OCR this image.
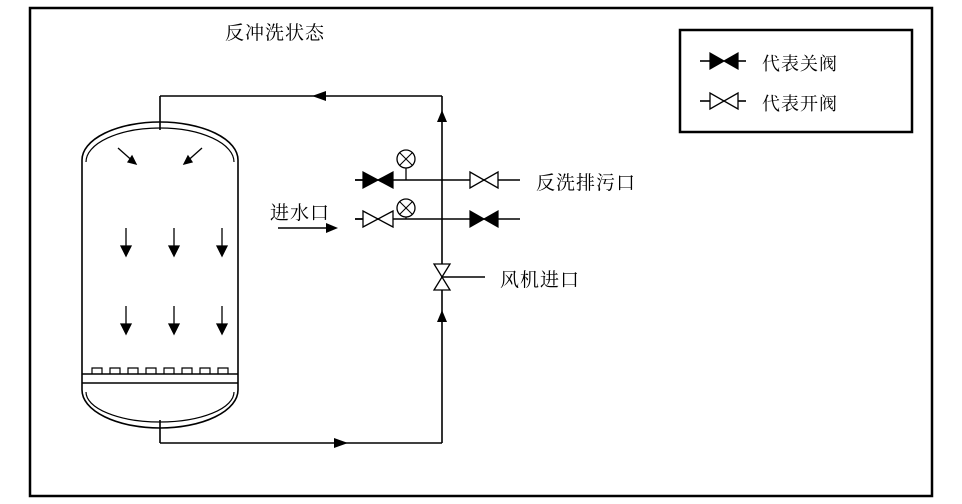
反冲洗状态
进水口
反洗排污口
风机进口
代表关阀
代表开阀
